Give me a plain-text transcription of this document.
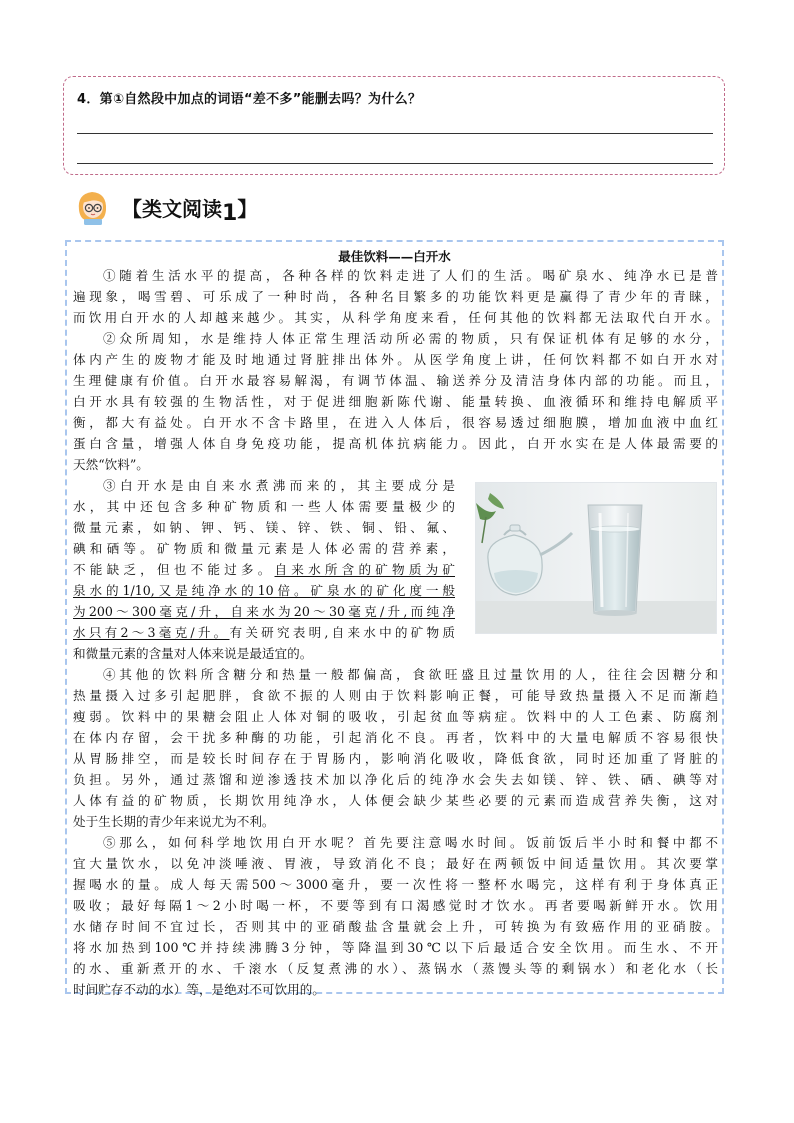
4．第①自然段中加点的词语“差不多”能删去吗？为什么？
【类文阅读1】
最佳饮料——白开水
①随着生活水平的提高，各种各样的饮料走进了人们的生活。喝矿泉水、纯净水已是普
遍现象，喝雪碧、可乐成了一种时尚，各种名目繁多的功能饮料更是赢得了青少年的青睐，
而饮用白开水的人却越来越少。其实，从科学角度来看，任何其他的饮料都无法取代白开水。
②众所周知，水是维持人体正常生理活动所必需的物质，只有保证机体有足够的水分，
体内产生的废物才能及时地通过肾脏排出体外。从医学角度上讲，任何饮料都不如白开水对
生理健康有价值。白开水最容易解渴，有调节体温、输送养分及清洁身体内部的功能。而且，
白开水具有较强的生物活性，对于促进细胞新陈代谢、能量转换、血液循环和维持电解质平
衡，都大有益处。白开水不含卡路里，在进入人体后，很容易透过细胞膜，增加血液中血红
蛋白含量，增强人体自身免疫功能，提高机体抗病能力。因此，白开水实在是人体最需要的
天然“饮料”。
③白开水是由自来水煮沸而来的，其主要成分是
水，其中还包含多种矿物质和一些人体需要量极少的
微量元素，如钠、钾、钙、镁、锌、铁、铜、铅、氟、
碘和硒等。矿物质和微量元素是人体必需的营养素，
不能缺乏，但也不能过多。自来水所含的矿物质为矿
泉水的1/10,又是纯净水的10倍。矿泉水的矿化度一般
为200～300毫克/升，自来水为20～30毫克/升,而纯净
水只有2～3毫克/升。有关研究表明,自来水中的矿物质
和微量元素的含量对人体来说是最适宜的。
④其他的饮料所含糖分和热量一般都偏高，食欲旺盛且过量饮用的人，往往会因糖分和
热量摄入过多引起肥胖，食欲不振的人则由于饮料影响正餐，可能导致热量摄入不足而渐趋
瘦弱。饮料中的果糖会阻止人体对铜的吸收，引起贫血等病症。饮料中的人工色素、防腐剂
在体内存留，会干扰多种酶的功能，引起消化不良。再者，饮料中的大量电解质不容易很快
从胃肠排空，而是较长时间存在于胃肠内，影响消化吸收，降低食欲，同时还加重了肾脏的
负担。另外，通过蒸馏和逆渗透技术加以净化后的纯净水会失去如镁、锌、铁、硒、碘等对
人体有益的矿物质，长期饮用纯净水，人体便会缺少某些必要的元素而造成营养失衡，这对
处于生长期的青少年来说尤为不利。
⑤那么，如何科学地饮用白开水呢？首先要注意喝水时间。饭前饭后半小时和餐中都不
宜大量饮水，以免冲淡唾液、胃液，导致消化不良；最好在两顿饭中间适量饮用。其次要掌
握喝水的量。成人每天需500～3000毫升，要一次性将一整杯水喝完，这样有利于身体真正
吸收；最好每隔1～2小时喝一杯，不要等到有口渴感觉时才饮水。再者要喝新鲜开水。饮用
水储存时间不宜过长，否则其中的亚硝酸盐含量就会上升，可转换为有致癌作用的亚硝胺。
将水加热到100℃并持续沸腾3分钟，等降温到30℃以下后最适合安全饮用。而生水、不开
的水、重新煮开的水、千滚水（反复煮沸的水）、蒸锅水（蒸馒头等的剩锅水）和老化水（长
时间贮存不动的水）等，是绝对不可饮用的。
